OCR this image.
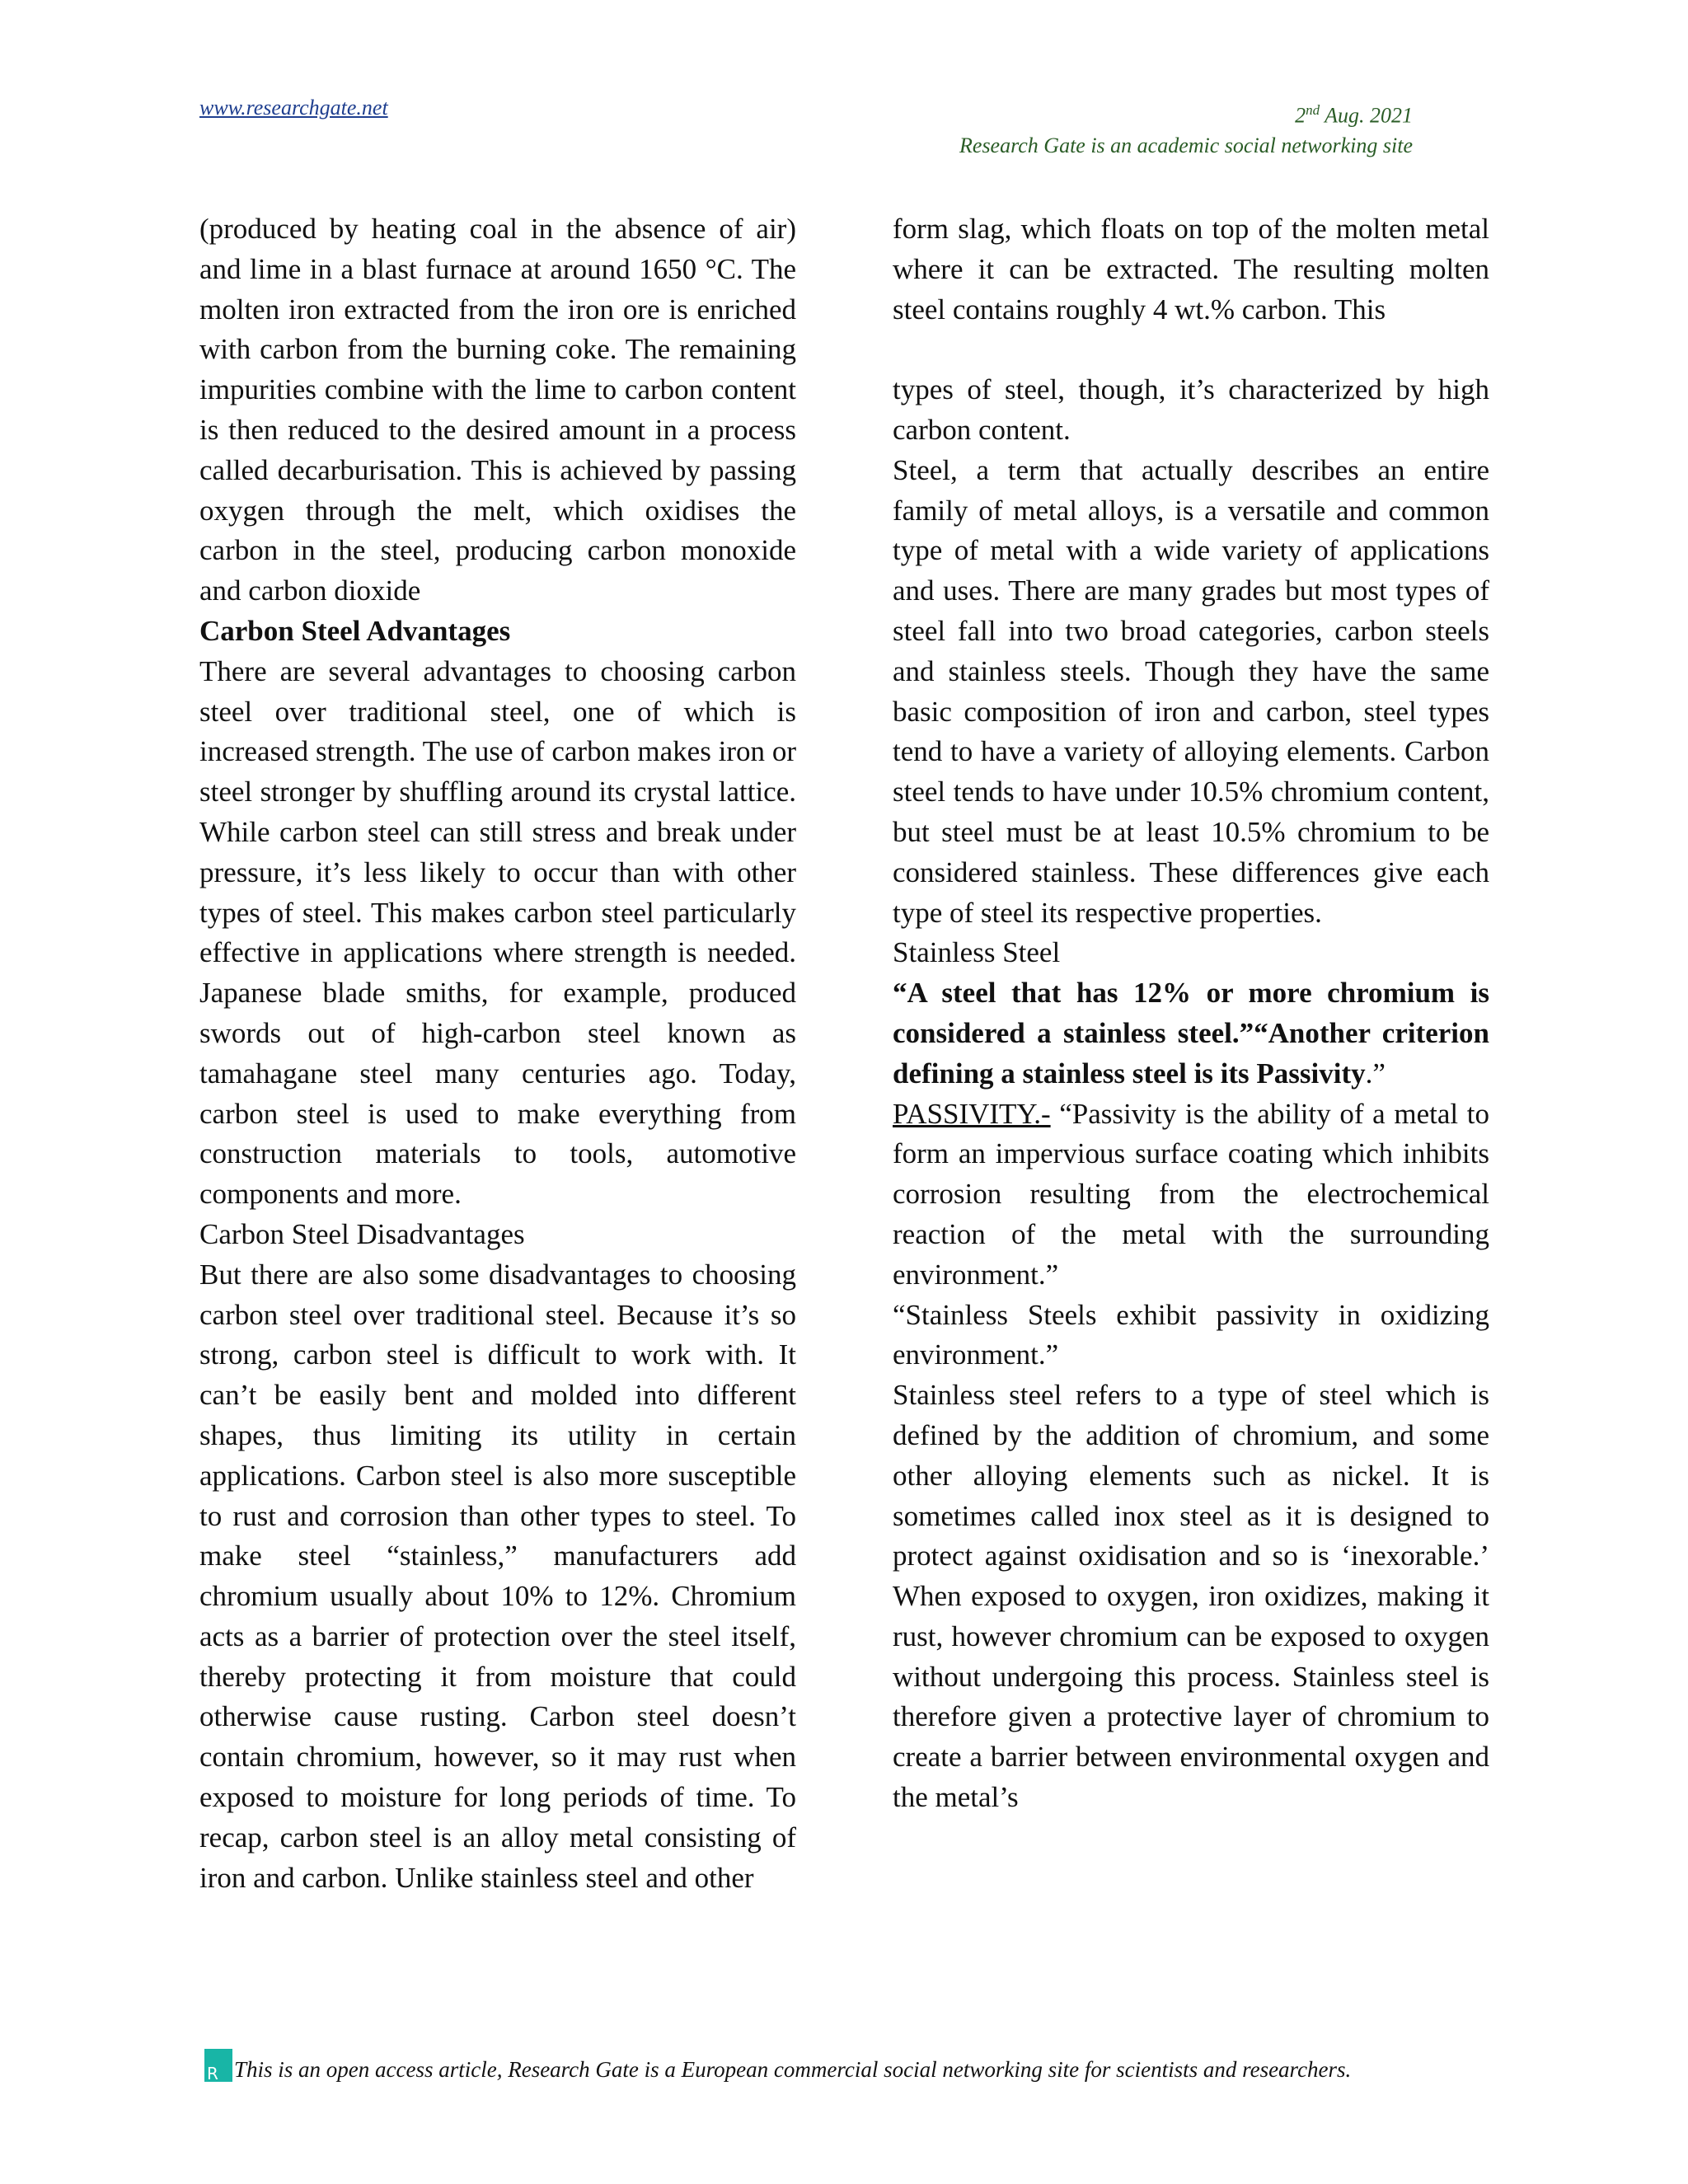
www.researchgate.net	2nd Aug. 2021
Research Gate is an academic social networking site

(produced by heating coal in the absence of air) and lime in a blast furnace at around 1650 °C. The molten iron extracted from the iron ore is enriched with carbon from the burning coke. The remaining impurities combine with the lime to carbon content is then reduced to the desired amount in a process called decarburisation. This is achieved by passing oxygen through the melt, which oxidises the carbon in the steel, producing carbon monoxide and carbon dioxide

Carbon Steel Advantages

There are several advantages to choosing carbon steel over traditional steel, one of which is increased strength. The use of carbon makes iron or steel stronger by shuffling around its crystal lattice. While carbon steel can still stress and break under pressure, it’s less likely to occur than with other types of steel. This makes carbon steel particularly effective in applications where strength is needed. Japanese blade smiths, for example, produced swords out of high-carbon steel known as tamahagane steel many centuries ago. Today, carbon steel is used to make everything from construction materials to tools, automotive components and more.

Carbon Steel Disadvantages

But there are also some disadvantages to choosing carbon steel over traditional steel. Because it’s so strong, carbon steel is difficult to work with. It can’t be easily bent and molded into different shapes, thus limiting its utility in certain applications. Carbon steel is also more susceptible to rust and corrosion than other types to steel. To make steel “stainless,” manufacturers add chromium usually about 10% to 12%. Chromium acts as a barrier of protection over the steel itself, thereby protecting it from moisture that could otherwise cause rusting. Carbon steel doesn’t contain chromium, however, so it may rust when exposed to moisture for long periods of time. To recap, carbon steel is an alloy metal consisting of iron and carbon. Unlike stainless steel and other

form slag, which floats on top of the molten metal where it can be extracted. The resulting molten steel contains roughly 4 wt.% carbon. This

types of steel, though, it’s characterized by high carbon content.

Steel, a term that actually describes an entire family of metal alloys, is a versatile and common type of metal with a wide variety of applications and uses. There are many grades but most types of steel fall into two broad categories, carbon steels and stainless steels. Though they have the same basic composition of iron and carbon, steel types tend to have a variety of alloying elements. Carbon steel tends to have under 10.5% chromium content, but steel must be at least 10.5% chromium to be considered stainless. These differences give each type of steel its respective properties.

Stainless Steel

“A steel that has 12% or more chromium is considered a stainless steel.”“Another criterion defining a stainless steel is its Passivity.”

PASSIVITY.- “Passivity is the ability of a metal to form an impervious surface coating which inhibits corrosion resulting from the electrochemical reaction of the metal with the surrounding environment.”

“Stainless Steels exhibit passivity in oxidizing environment.”

Stainless steel refers to a type of steel which is defined by the addition of chromium, and some other alloying elements such as nickel. It is sometimes called inox steel as it is designed to protect against oxidisation and so is ‘inexorable.’ When exposed to oxygen, iron oxidizes, making it rust, however chromium can be exposed to oxygen without undergoing this process. Stainless steel is therefore given a protective layer of chromium to create a barrier between environmental oxygen and the metal’s

R This is an open access article, Research Gate is a European commercial social networking site for scientists and researchers.
